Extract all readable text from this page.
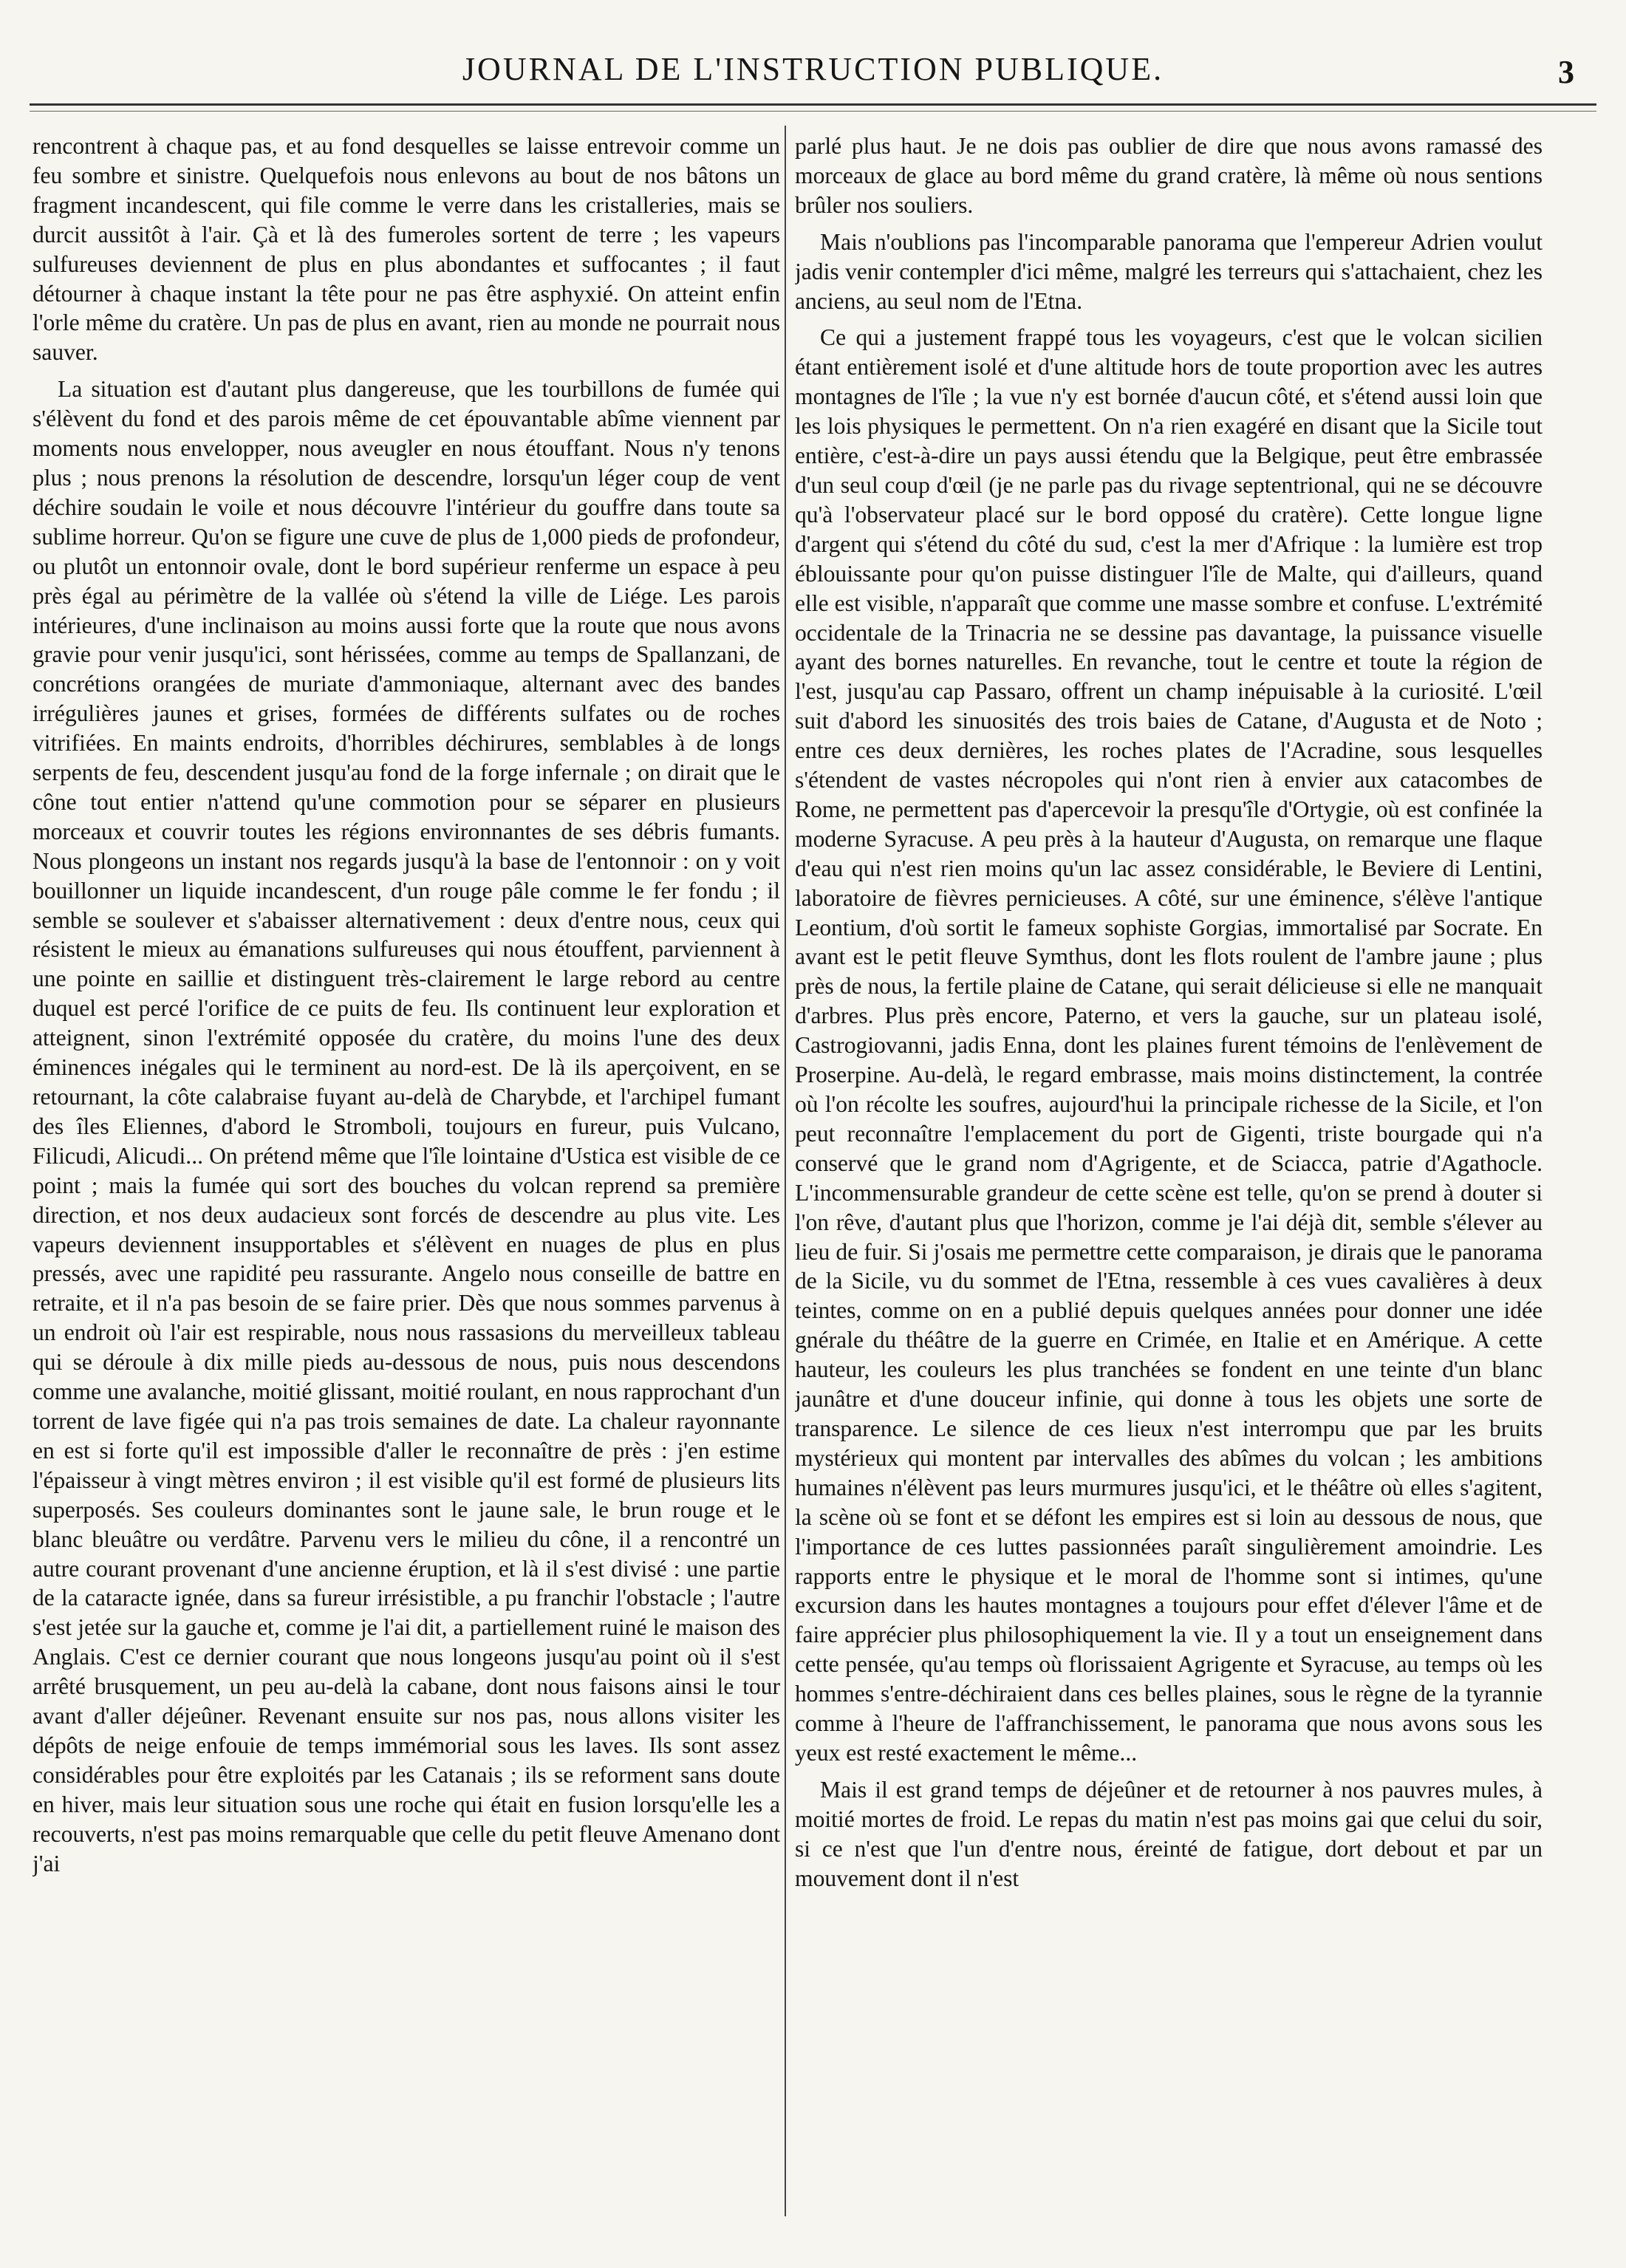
JOURNAL DE L'INSTRUCTION PUBLIQUE.	3

rencontrent à chaque pas, et au fond desquelles se laisse entrevoir comme un feu sombre et sinistre. Quelquefois nous enlevons au bout de nos bâtons un fragment incandescent, qui file comme le verre dans les cristalleries, mais se durcit aussitôt à l'air. Çà et là des fumeroles sortent de terre ; les vapeurs sulfureuses deviennent de plus en plus abondantes et suffocantes ; il faut détourner à chaque instant la tête pour ne pas être asphyxié. On atteint enfin l'orle même du cratère. Un pas de plus en avant, rien au monde ne pourrait nous sauver.

La situation est d'autant plus dangereuse, que les tourbillons de fumée qui s'élèvent du fond et des parois même de cet épouvantable abîme viennent par moments nous envelopper, nous aveugler en nous étouffant. Nous n'y tenons plus ; nous prenons la résolution de descendre, lorsqu'un léger coup de vent déchire soudain le voile et nous découvre l'intérieur du gouffre dans toute sa sublime horreur. Qu'on se figure une cuve de plus de 1,000 pieds de profondeur, ou plutôt un entonnoir ovale, dont le bord supérieur renferme un espace à peu près égal au périmètre de la vallée où s'étend la ville de Liége. Les parois intérieures, d'une inclinaison au moins aussi forte que la route que nous avons gravie pour venir jusqu'ici, sont hérissées, comme au temps de Spallanzani, de concrétions orangées de muriate d'ammoniaque, alternant avec des bandes irrégulières jaunes et grises, formées de différents sulfates ou de roches vitrifiées. En maints endroits, d'horribles déchirures, semblables à de longs serpents de feu, descendent jusqu'au fond de la forge infernale ; on dirait que le cône tout entier n'attend qu'une commotion pour se séparer en plusieurs morceaux et couvrir toutes les régions environnantes de ses débris fumants. Nous plongeons un instant nos regards jusqu'à la base de l'entonnoir : on y voit bouillonner un liquide incandescent, d'un rouge pâle comme le fer fondu ; il semble se soulever et s'abaisser alternativement : deux d'entre nous, ceux qui résistent le mieux au émanations sulfureuses qui nous étouffent, parviennent à une pointe en saillie et distinguent très-clairement le large rebord au centre duquel est percé l'orifice de ce puits de feu. Ils continuent leur exploration et atteignent, sinon l'extrémité opposée du cratère, du moins l'une des deux éminences inégales qui le terminent au nord-est. De là ils aperçoivent, en se retournant, la côte calabraise fuyant au-delà de Charybde, et l'archipel fumant des îles Eliennes, d'abord le Stromboli, toujours en fureur, puis Vulcano, Filicudi, Alicudi... On prétend même que l'île lointaine d'Ustica est visible de ce point ; mais la fumée qui sort des bouches du volcan reprend sa première direction, et nos deux audacieux sont forcés de descendre au plus vite. Les vapeurs deviennent insupportables et s'élèvent en nuages de plus en plus pressés, avec une rapidité peu rassurante. Angelo nous conseille de battre en retraite, et il n'a pas besoin de se faire prier. Dès que nous sommes parvenus à un endroit où l'air est respirable, nous nous rassasions du merveilleux tableau qui se déroule à dix mille pieds au-dessous de nous, puis nous descendons comme une avalanche, moitié glissant, moitié roulant, en nous rapprochant d'un torrent de lave figée qui n'a pas trois semaines de date. La chaleur rayonnante en est si forte qu'il est impossible d'aller le reconnaître de près : j'en estime l'épaisseur à vingt mètres environ ; il est visible qu'il est formé de plusieurs lits superposés. Ses couleurs dominantes sont le jaune sale, le brun rouge et le blanc bleuâtre ou verdâtre. Parvenu vers le milieu du cône, il a rencontré un autre courant provenant d'une ancienne éruption, et là il s'est divisé : une partie de la cataracte ignée, dans sa fureur irrésistible, a pu franchir l'obstacle ; l'autre s'est jetée sur la gauche et, comme je l'ai dit, a partiellement ruiné le maison des Anglais. C'est ce dernier courant que nous longeons jusqu'au point où il s'est arrêté brusquement, un peu au-delà la cabane, dont nous faisons ainsi le tour avant d'aller déjeûner. Revenant ensuite sur nos pas, nous allons visiter les dépôts de neige enfouie de temps immémorial sous les laves. Ils sont assez considérables pour être exploités par les Catanais ; ils se reforment sans doute en hiver, mais leur situation sous une roche qui était en fusion lorsqu'elle les a recouverts, n'est pas moins remarquable que celle du petit fleuve Amenano dont j'ai

parlé plus haut. Je ne dois pas oublier de dire que nous avons ramassé des morceaux de glace au bord même du grand cratère, là même où nous sentions brûler nos souliers.

Mais n'oublions pas l'incomparable panorama que l'empereur Adrien voulut jadis venir contempler d'ici même, malgré les terreurs qui s'attachaient, chez les anciens, au seul nom de l'Etna.

Ce qui a justement frappé tous les voyageurs, c'est que le volcan sicilien étant entièrement isolé et d'une altitude hors de toute proportion avec les autres montagnes de l'île ; la vue n'y est bornée d'aucun côté, et s'étend aussi loin que les lois physiques le permettent. On n'a rien exagéré en disant que la Sicile tout entière, c'est-à-dire un pays aussi étendu que la Belgique, peut être embrassée d'un seul coup d'œil (je ne parle pas du rivage septentrional, qui ne se découvre qu'à l'observateur placé sur le bord opposé du cratère). Cette longue ligne d'argent qui s'étend du côté du sud, c'est la mer d'Afrique : la lumière est trop éblouissante pour qu'on puisse distinguer l'île de Malte, qui d'ailleurs, quand elle est visible, n'apparaît que comme une masse sombre et confuse. L'extrémité occidentale de la Trinacria ne se dessine pas davantage, la puissance visuelle ayant des bornes naturelles. En revanche, tout le centre et toute la région de l'est, jusqu'au cap Passaro, offrent un champ inépuisable à la curiosité. L'œil suit d'abord les sinuosités des trois baies de Catane, d'Augusta et de Noto ; entre ces deux dernières, les roches plates de l'Acradine, sous lesquelles s'étendent de vastes nécropoles qui n'ont rien à envier aux catacombes de Rome, ne permettent pas d'apercevoir la presqu'île d'Ortygie, où est confinée la moderne Syracuse. A peu près à la hauteur d'Augusta, on remarque une flaque d'eau qui n'est rien moins qu'un lac assez considérable, le Beviere di Lentini, laboratoire de fièvres pernicieuses. A côté, sur une éminence, s'élève l'antique Leontium, d'où sortit le fameux sophiste Gorgias, immortalisé par Socrate. En avant est le petit fleuve Symthus, dont les flots roulent de l'ambre jaune ; plus près de nous, la fertile plaine de Catane, qui serait délicieuse si elle ne manquait d'arbres. Plus près encore, Paterno, et vers la gauche, sur un plateau isolé, Castrogiovanni, jadis Enna, dont les plaines furent témoins de l'enlèvement de Proserpine. Au-delà, le regard embrasse, mais moins distinctement, la contrée où l'on récolte les soufres, aujourd'hui la principale richesse de la Sicile, et l'on peut reconnaître l'emplacement du port de Gigenti, triste bourgade qui n'a conservé que le grand nom d'Agrigente, et de Sciacca, patrie d'Agathocle. L'incommensurable grandeur de cette scène est telle, qu'on se prend à douter si l'on rêve, d'autant plus que l'horizon, comme je l'ai déjà dit, semble s'élever au lieu de fuir. Si j'osais me permettre cette comparaison, je dirais que le panorama de la Sicile, vu du sommet de l'Etna, ressemble à ces vues cavalières à deux teintes, comme on en a publié depuis quelques années pour donner une idée gnérale du théâtre de la guerre en Crimée, en Italie et en Amérique. A cette hauteur, les couleurs les plus tranchées se fondent en une teinte d'un blanc jaunâtre et d'une douceur infinie, qui donne à tous les objets une sorte de transparence. Le silence de ces lieux n'est interrompu que par les bruits mystérieux qui montent par intervalles des abîmes du volcan ; les ambitions humaines n'élèvent pas leurs murmures jusqu'ici, et le théâtre où elles s'agitent, la scène où se font et se défont les empires est si loin au dessous de nous, que l'importance de ces luttes passionnées paraît singulièrement amoindrie. Les rapports entre le physique et le moral de l'homme sont si intimes, qu'une excursion dans les hautes montagnes a toujours pour effet d'élever l'âme et de faire apprécier plus philosophiquement la vie. Il y a tout un enseignement dans cette pensée, qu'au temps où florissaient Agrigente et Syracuse, au temps où les hommes s'entre-déchiraient dans ces belles plaines, sous le règne de la tyrannie comme à l'heure de l'affranchissement, le panorama que nous avons sous les yeux est resté exactement le même...

Mais il est grand temps de déjeûner et de retourner à nos pauvres mules, à moitié mortes de froid. Le repas du matin n'est pas moins gai que celui du soir, si ce n'est que l'un d'entre nous, éreinté de fatigue, dort debout et par un mouvement dont il n'est
